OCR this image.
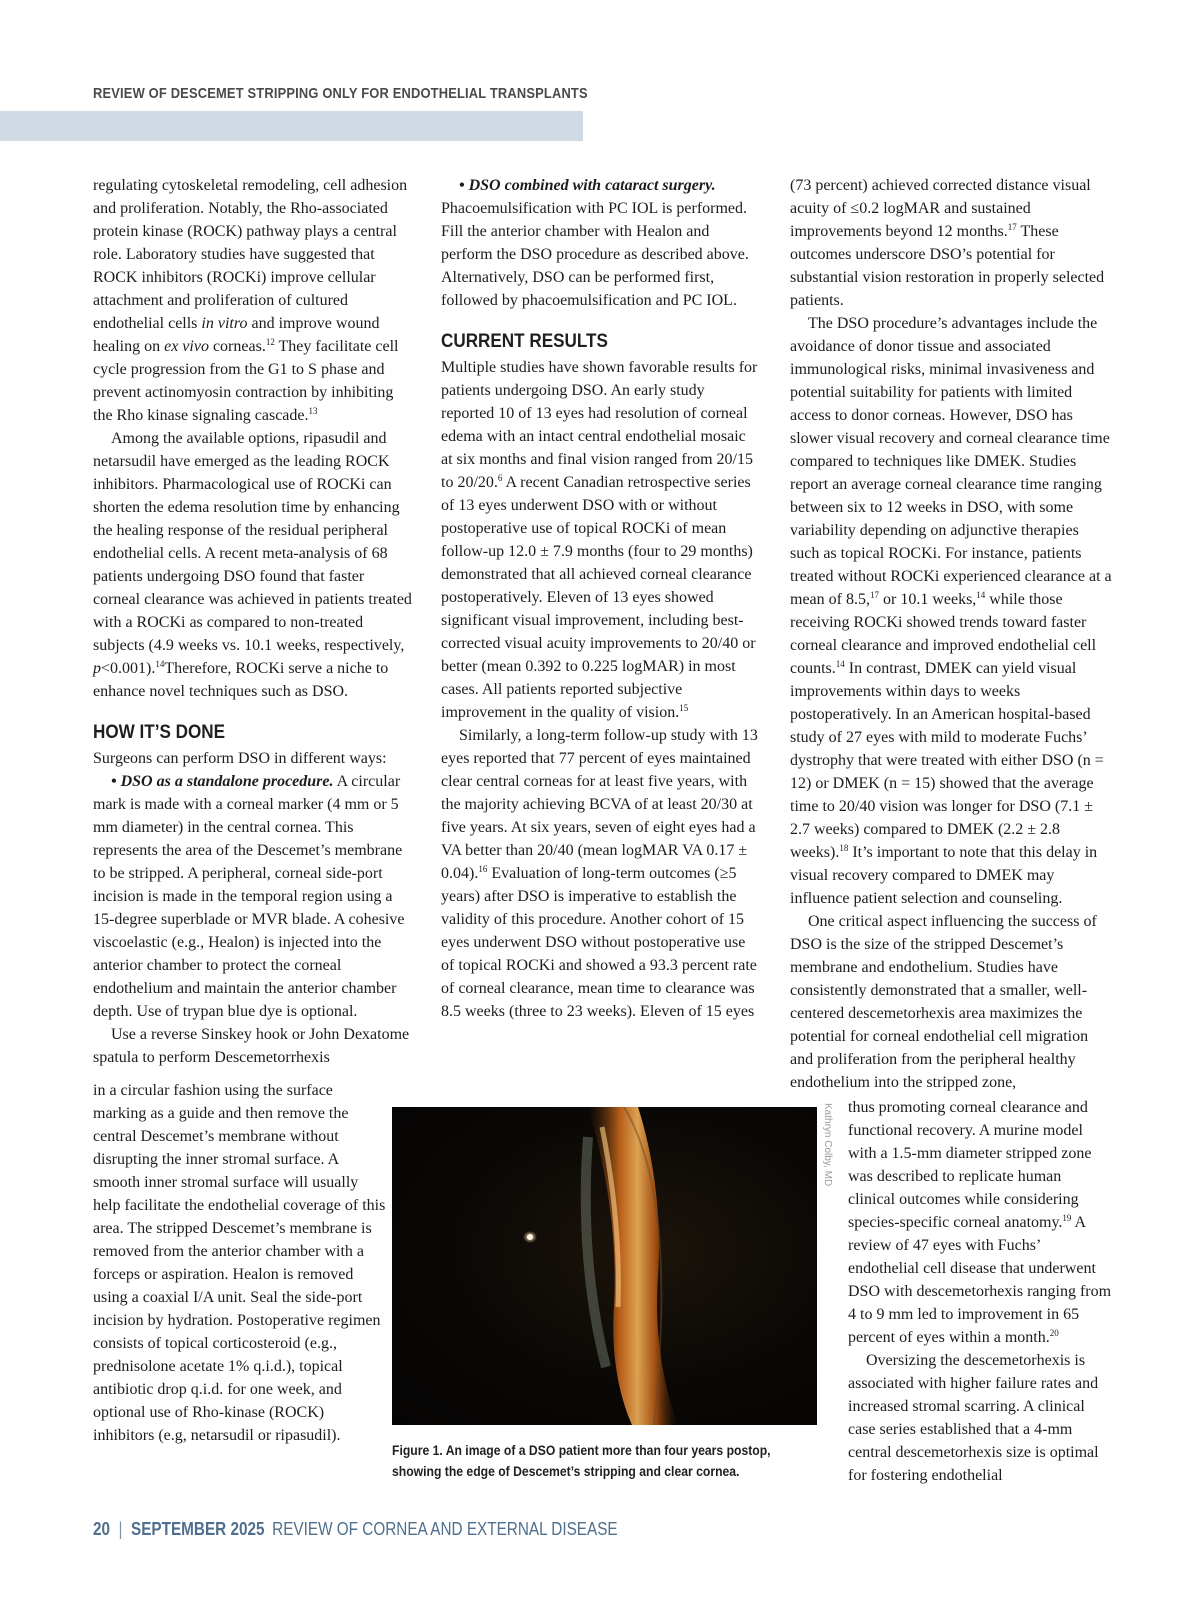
REVIEW OF DESCEMET STRIPPING ONLY FOR ENDOTHELIAL TRANSPLANTS

regulating cytoskeletal remodeling, cell adhesion and proliferation. Notably, the Rho-associated protein kinase (ROCK) pathway plays a central role. Laboratory studies have suggested that ROCK inhibitors (ROCKi) improve cellular attachment and proliferation of cultured endothelial cells in vitro and improve wound healing on ex vivo corneas.$^{12}$ They facilitate cell cycle progression from the G1 to S phase and prevent actinomyosin contraction by inhibiting the Rho kinase signaling cascade.$^{13}$

Among the available options, ripasudil and netarsudil have emerged as the leading ROCK inhibitors. Pharmacological use of ROCKi can shorten the edema resolution time by enhancing the healing response of the residual peripheral endothelial cells. A recent meta-analysis of 68 patients undergoing DSO found that faster corneal clearance was achieved in patients treated with a ROCKi as compared to non-treated subjects (4.9 weeks vs. 10.1 weeks, respectively, p<0.001).$^{14}$Therefore, ROCKi serve a niche to enhance novel techniques such as DSO.

HOW IT’S DONE

Surgeons can perform DSO in different ways:

• DSO as a standalone procedure. A circular mark is made with a corneal marker (4 mm or 5 mm diameter) in the central cornea. This represents the area of the Descemet’s membrane to be stripped. A peripheral, corneal side-port incision is made in the temporal region using a 15-degree superblade or MVR blade. A cohesive viscoelastic (e.g., Healon) is injected into the anterior chamber to protect the corneal endothelium and maintain the anterior chamber depth. Use of trypan blue dye is optional.

Use a reverse Sinskey hook or John Dexatome spatula to perform Descemetorrhexis

in a circular fashion using the surface marking as a guide and then remove the central Descemet’s membrane without disrupting the inner stromal surface. A smooth inner stromal surface will usually help facilitate the endothelial coverage of this area. The stripped Descemet’s membrane is removed from the anterior chamber with a forceps or aspiration. Healon is removed using a coaxial I/A unit. Seal the side-port incision by hydration. Postoperative regimen consists of topical corticosteroid (e.g., prednisolone acetate 1% q.i.d.), topical antibiotic drop q.i.d. for one week, and optional use of Rho-kinase (ROCK) inhibitors (e.g, netarsudil or ripasudil).

• DSO combined with cataract surgery. Phacoemulsification with PC IOL is performed. Fill the anterior chamber with Healon and perform the DSO procedure as described above. Alternatively, DSO can be performed first, followed by phacoemulsification and PC IOL.

CURRENT RESULTS

Multiple studies have shown favorable results for patients undergoing DSO. An early study reported 10 of 13 eyes had resolution of corneal edema with an intact central endothelial mosaic at six months and final vision ranged from 20/15 to 20/20.$^6$ A recent Canadian retrospective series of 13 eyes underwent DSO with or without postoperative use of topical ROCKi of mean follow-up 12.0 ± 7.9 months (four to 29 months) demonstrated that all achieved corneal clearance postoperatively. Eleven of 13 eyes showed significant visual improvement, including best-corrected visual acuity improvements to 20/40 or better (mean 0.392 to 0.225 logMAR) in most cases. All patients reported subjective improvement in the quality of vision.$^{15}$

Similarly, a long-term follow-up study with 13 eyes reported that 77 percent of eyes maintained clear central corneas for at least five years, with the majority achieving BCVA of at least 20/30 at five years. At six years, seven of eight eyes had a VA better than 20/40 (mean logMAR VA 0.17 ± 0.04).$^{16}$ Evaluation of long-term outcomes (≥5 years) after DSO is imperative to establish the validity of this procedure. Another cohort of 15 eyes underwent DSO without postoperative use of topical ROCKi and showed a 93.3 percent rate of corneal clearance, mean time to clearance was 8.5 weeks (three to 23 weeks). Eleven of 15 eyes

(73 percent) achieved corrected distance visual acuity of ≤0.2 logMAR and sustained improvements beyond 12 months.$^{17}$ These outcomes underscore DSO’s potential for substantial vision restoration in properly selected patients.

The DSO procedure’s advantages include the avoidance of donor tissue and associated immunological risks, minimal invasiveness and potential suitability for patients with limited access to donor corneas. However, DSO has slower visual recovery and corneal clearance time compared to techniques like DMEK. Studies report an average corneal clearance time ranging between six to 12 weeks in DSO, with some variability depending on adjunctive therapies such as topical ROCKi. For instance, patients treated without ROCKi experienced clearance at a mean of 8.5,17 or 10.1 weeks,$^{14}$ while those receiving ROCKi showed trends toward faster corneal clearance and improved endothelial cell counts.$^{14}$ In contrast, DMEK can yield visual improvements within days to weeks postoperatively. In an American hospital-based study of 27 eyes with mild to moderate Fuchs’ dystrophy that were treated with either DSO (n = 12) or DMEK (n = 15) showed that the average time to 20/40 vision was longer for DSO (7.1 ± 2.7 weeks) compared to DMEK (2.2 ± 2.8 weeks).$^{18}$ It’s important to note that this delay in visual recovery compared to DMEK may influence patient selection and counseling.

One critical aspect influencing the success of DSO is the size of the stripped Descemet’s membrane and endothelium. Studies have consistently demonstrated that a smaller, well-centered descemetorhexis area maximizes the potential for corneal endothelial cell migration and proliferation from the peripheral healthy endothelium into the stripped zone,

thus promoting corneal clearance and functional recovery. A murine model with a 1.5-mm diameter stripped zone was described to replicate human clinical outcomes while considering species-specific corneal anatomy.$^{19}$ A review of 47 eyes with Fuchs’ endothelial cell disease that underwent DSO with descemetorhexis ranging from 4 to 9 mm led to improvement in 65 percent of eyes within a month.$^{20}$

Oversizing the descemetorhexis is associated with higher failure rates and increased stromal scarring. A clinical case series established that a 4-mm central descemetorhexis size is optimal for fostering endothelial

Kathryn Colby, MD
Figure 1. An image of a DSO patient more than four years postop, showing the edge of Descemet’s stripping and clear cornea.
20 | SEPTEMBER 2025 REVIEW OF CORNEA AND EXTERNAL DISEASE
